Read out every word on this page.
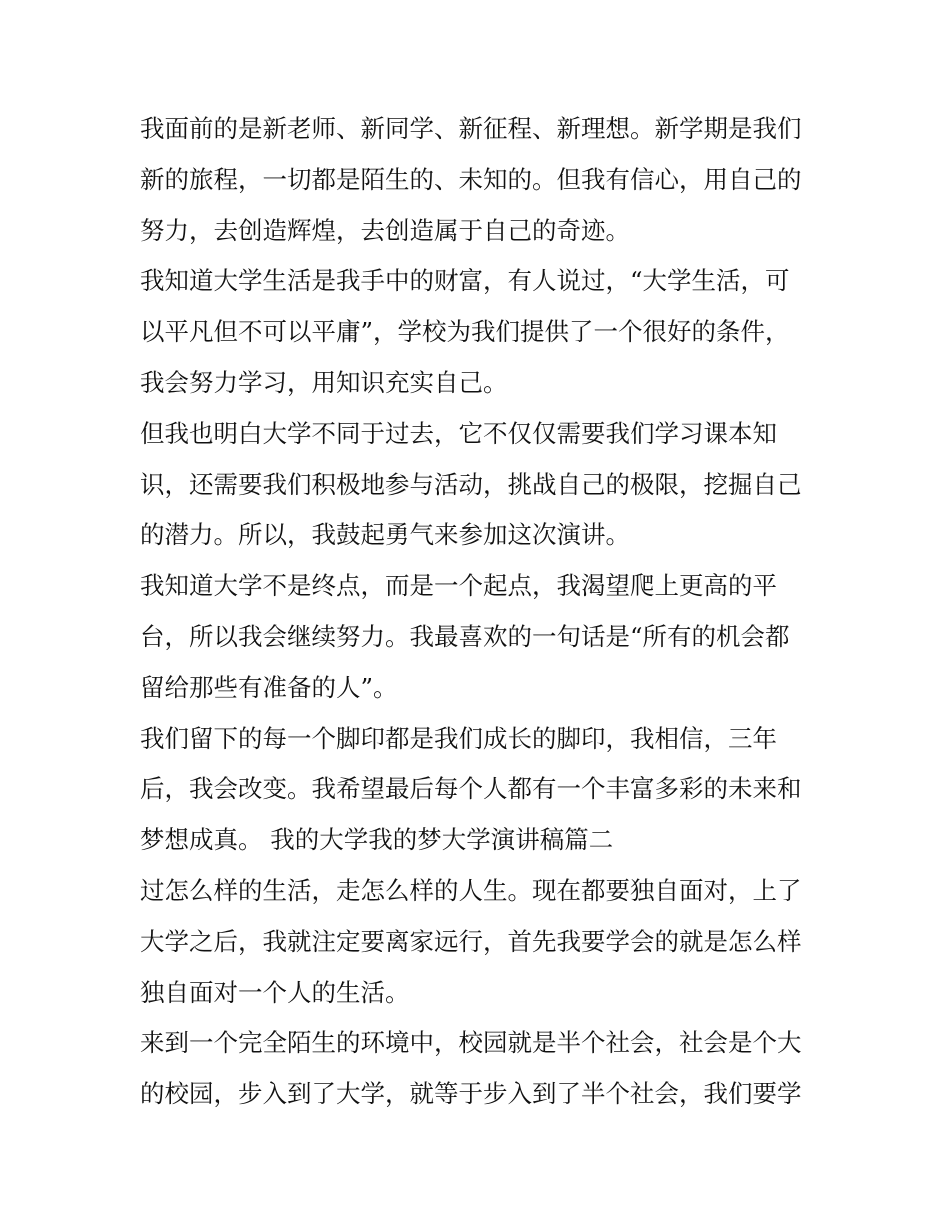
我面前的是新老师、新同学、新征程、新理想。新学期是我们新的旅程，一切都是陌生的、未知的。但我有信心，用自己的努力，去创造辉煌，去创造属于自己的奇迹。

我知道大学生活是我手中的财富，有人说过，“大学生活，可以平凡但不可以平庸”，学校为我们提供了一个很好的条件，我会努力学习，用知识充实自己。

但我也明白大学不同于过去，它不仅仅需要我们学习课本知识，还需要我们积极地参与活动，挑战自己的极限，挖掘自己的潜力。所以，我鼓起勇气来参加这次演讲。

我知道大学不是终点，而是一个起点，我渴望爬上更高的平台，所以我会继续努力。我最喜欢的一句话是“所有的机会都留给那些有准备的人”。

我们留下的每一个脚印都是我们成长的脚印，我相信，三年后，我会改变。我希望最后每个人都有一个丰富多彩的未来和梦想成真。 我的大学我的梦大学演讲稿篇二

过怎么样的生活，走怎么样的人生。现在都要独自面对，上了大学之后，我就注定要离家远行，首先我要学会的就是怎么样独自面对一个人的生活。

来到一个完全陌生的环境中，校园就是半个社会，社会是个大的校园，步入到了大学，就等于步入到了半个社会，我们要学
